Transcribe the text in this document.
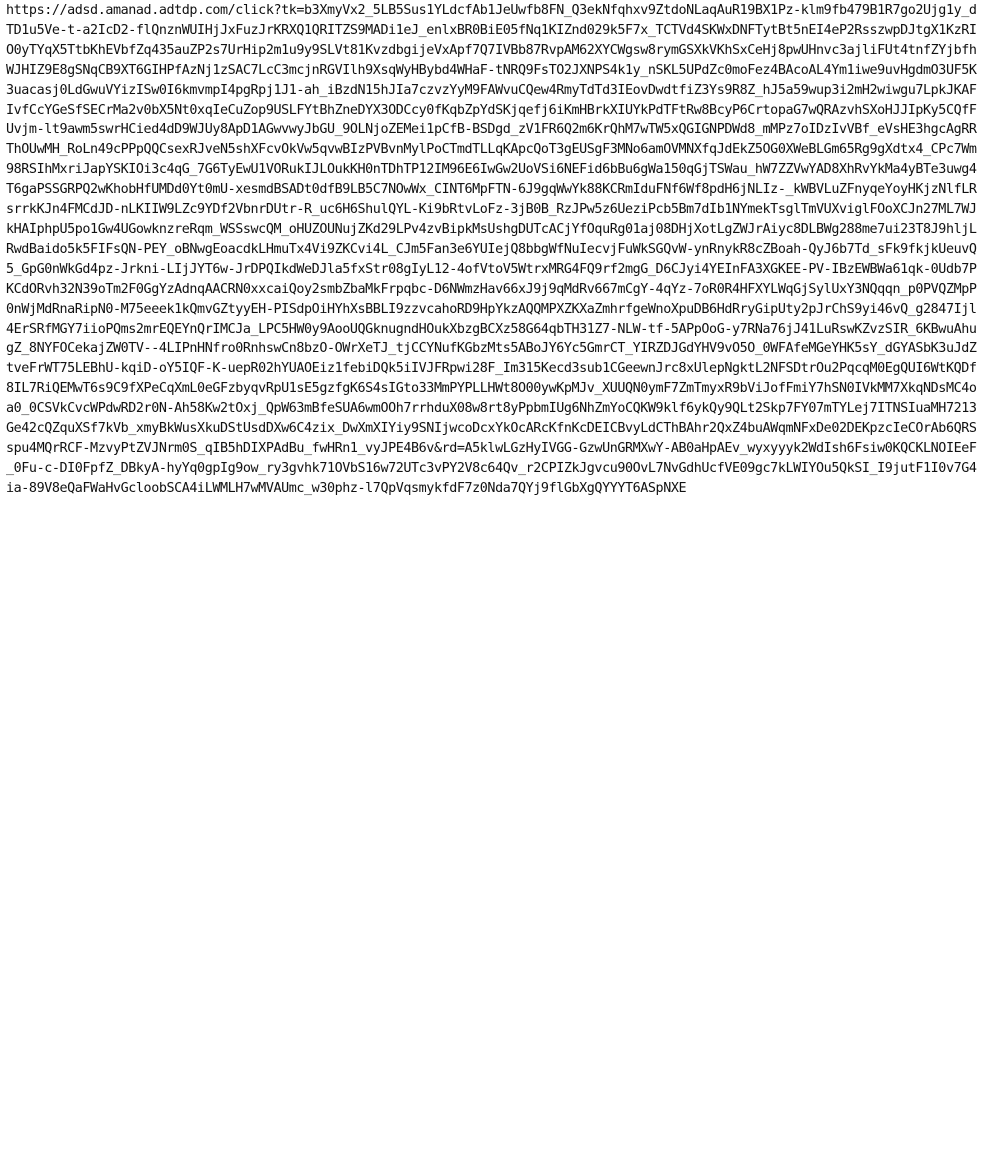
https://adsd.amanad.adtdp.com/click?tk=b3XmyVx2_5LB5Sus1YLdcfAb1JeUwfb8FN_Q3ekNfqhxv9ZtdoNLaqAuR19BX1Pz-klm9fb479B1R7go2Ujg1y_dTD1u5Ve-t-a2IcD2-flQnznWUIHjJxFuzJrKRXQ1QRITZS9MADi1eJ_enlxBR0BiE05fNq1KIZnd029k5F7x_TCTVd4SKWxDNFTytBt5nEI4eP2RsszwpDJtgX1KzRIO0yTYqX5TtbKhEVbfZq435auZP2s7UrHip2m1u9y9SLVt81KvzdbgijeVxApf7Q7IVBb87RvpAM62XYCWgsw8rymGSXkVKhSxCeHj8pwUHnvc3ajliFUt4tnfZYjbfhWJHIZ9E8gSNqCB9XT6GIHPfAzNj1zSAC7LcC3mcjnRGVIlh9XsqWyHBybd4WHaF-tNRQ9FsTO2JXNPS4k1y_nSKL5UPdZc0moFez4BAcoAL4Ym1iwe9uvHgdmO3UF5K3uacasj0LdGwuVYizISw0I6kmvmpI4pgRpj1J1-ah_iBzdN15hJIa7czvzYyM9FAWvuCQew4RmyTdTd3IEovDwdtfiZ3Ys9R8Z_hJ5a59wup3i2mH2wiwgu7LpkJKAFIvfCcYGeSfSECrMa2v0bX5Nt0xqIeCuZop9USLFYtBhZneDYX3ODCcy0fKqbZpYdSKjqefj6iKmHBrkXIUYkPdTFtRw8BcyP6CrtopaG7wQRAzvhSXoHJJIpKy5CQfFUvjm-lt9awm5swrHCied4dD9WJUy8ApD1AGwvwyJbGU_9OLNjoZEMei1pCfB-BSDgd_zV1FR6Q2m6KrQhM7wTW5xQGIGNPDWd8_mMPz7oIDzIvVBf_eVsHE3hgcAgRRThOUwMH_RoLn49cPPpQQCsexRJveN5shXFcvOkVw5qvwBIzPVBvnMylPoCTmdTLLqKApcQoT3gEUSgF3MNo6amOVMNXfqJdEkZ5OG0XWeBLGm65Rg9gXdtx4_CPc7Wm98RSIhMxriJapYSKIOi3c4qG_7G6TyEwU1VORukIJLOukKH0nTDhTP12IM96E6IwGw2UoVSi6NEFid6bBu6gWa150qGjTSWau_hW7ZZVwYAD8XhRvYkMa4yBTe3uwg4T6gaPSSGRPQ2wKhobHfUMDd0Yt0mU-xesmdBSADt0dfB9LB5C7NOwWx_CINT6MpFTN-6J9gqWwYk88KCRmIduFNf6Wf8pdH6jNLIz-_kWBVLuZFnyqeYoyHKjzNlfLRsrrkKJn4FMCdJD-nLKIIW9LZc9YDf2VbnrDUtr-R_uc6H6ShulQYL-Ki9bRtvLoFz-3jB0B_RzJPw5z6UeziPcb5Bm7dIb1NYmekTsglTmVUXviglFOoXCJn27ML7WJkHAIphpU5po1Gw4UGowknzreRqm_WSSswcQM_oHUZOUNujZKd29LPv4zvBipkMsUshgDUTcACjYfOquRg01aj08DHjXotLgZWJrAiyc8DLBWg288me7ui23T8J9hljLRwdBaido5k5FIFsQN-PEY_oBNwgEoacdkLHmuTx4Vi9ZKCvi4L_CJm5Fan3e6YUIejQ8bbgWfNuIecvjFuWkSGQvW-ynRnykR8cZBoah-QyJ6b7Td_sFk9fkjkUeuvQ5_GpG0nWkGd4pz-Jrkni-LIjJYT6w-JrDPQIkdWeDJla5fxStr08gIyL12-4ofVtoV5WtrxMRG4FQ9rf2mgG_D6CJyi4YEInFA3XGKEE-PV-IBzEWBWa61qk-0Udb7PKCdORvh32N39oTm2F0GgYzAdnqAACRN0xxcaiQoy2smbZbaMkFrpqbc-D6NWmzHav66xJ9j9qMdRv667mCgY-4qYz-7oR0R4HFXYLWqGjSylUxY3NQqqn_p0PVQZMpP0nWjMdRnaRipN0-M75eeek1kQmvGZtyyEH-PISdpOiHYhXsBBLI9zzvcahoRD9HpYkzAQQMPXZKXaZmhrfgeWnoXpuDB6HdRryGipUty2pJrChS9yi46vQ_g2847Ijl4ErSRfMGY7iioPQms2mrEQEYnQrIMCJa_LPC5HW0y9AooUQGknugndHOukXbzgBCXz58G64qbTH31Z7-NLW-tf-5APpOoG-y7RNa76jJ41LuRswKZvzSIR_6KBwuAhugZ_8NYFOCekajZW0TV--4LIPnHNfro0RnhswCn8bzO-OWrXeTJ_tjCCYNufKGbzMts5ABoJY6Yc5GmrCT_YIRZDJGdYHV9vO5O_0WFAfeMGeYHK5sY_dGYASbK3uJdZtveFrWT75LEBhU-kqiD-oY5IQF-K-uepR02hYUAOEiz1febiDQk5iIVJFRpwi28F_Im315Kecd3sub1CGeewnJrc8xUlepNgktL2NFSDtrOu2PqcqM0EgQUI6WtKQDf8IL7RiQEMwT6s9C9fXPeCqXmL0eGFzbyqvRpU1sE5gzfgK6S4sIGto33MmPYPLLHWt8O00ywKpMJv_XUUQN0ymF7ZmTmyxR9bViJofFmiY7hSN0IVkMM7XkqNDsMC4oa0_0CSVkCvcWPdwRD2r0N-Ah58Kw2tOxj_QpW63mBfeSUA6wmOOh7rrhduX08w8rt8yPpbmIUg6NhZmYoCQKW9klf6ykQy9QLt2Skp7FY07mTYLej7ITNSIuaMH7213Ge42cQZquXSf7kVb_xmyBkWusXkuDStUsdDXw6C4zix_DwXmXIYiy9SNIjwcoDcxYkOcARcKfnKcDEICBvyLdCThBAhr2QxZ4buAWqmNFxDe02DEKpzcIeCOrAb6QRSspu4MQrRCF-MzvyPtZVJNrm0S_qIB5hDIXPAdBu_fwHRn1_vyJPE4B6v&rd=A5klwLGzHyIVGG-GzwUnGRMXwY-AB0aHpAEv_wyxyyyk2WdIsh6Fsiw0KQCKLNOIEeF_0Fu-c-DI0FpfZ_DBkyA-hyYq0gpIg9ow_ry3gvhk71OVbS16w72UTc3vPY2V8c64Qv_r2CPIZkJgvcu90OvL7NvGdhUcfVE09gc7kLWIYOu5QkSI_I9jutF1I0v7G4ia-89V8eQaFWaHvGcloobSCA4iLWMLH7wMVAUmc_w30phz-l7QpVqsmykfdF7z0Nda7QYj9flGbXgQYYYT6ASpNXE
